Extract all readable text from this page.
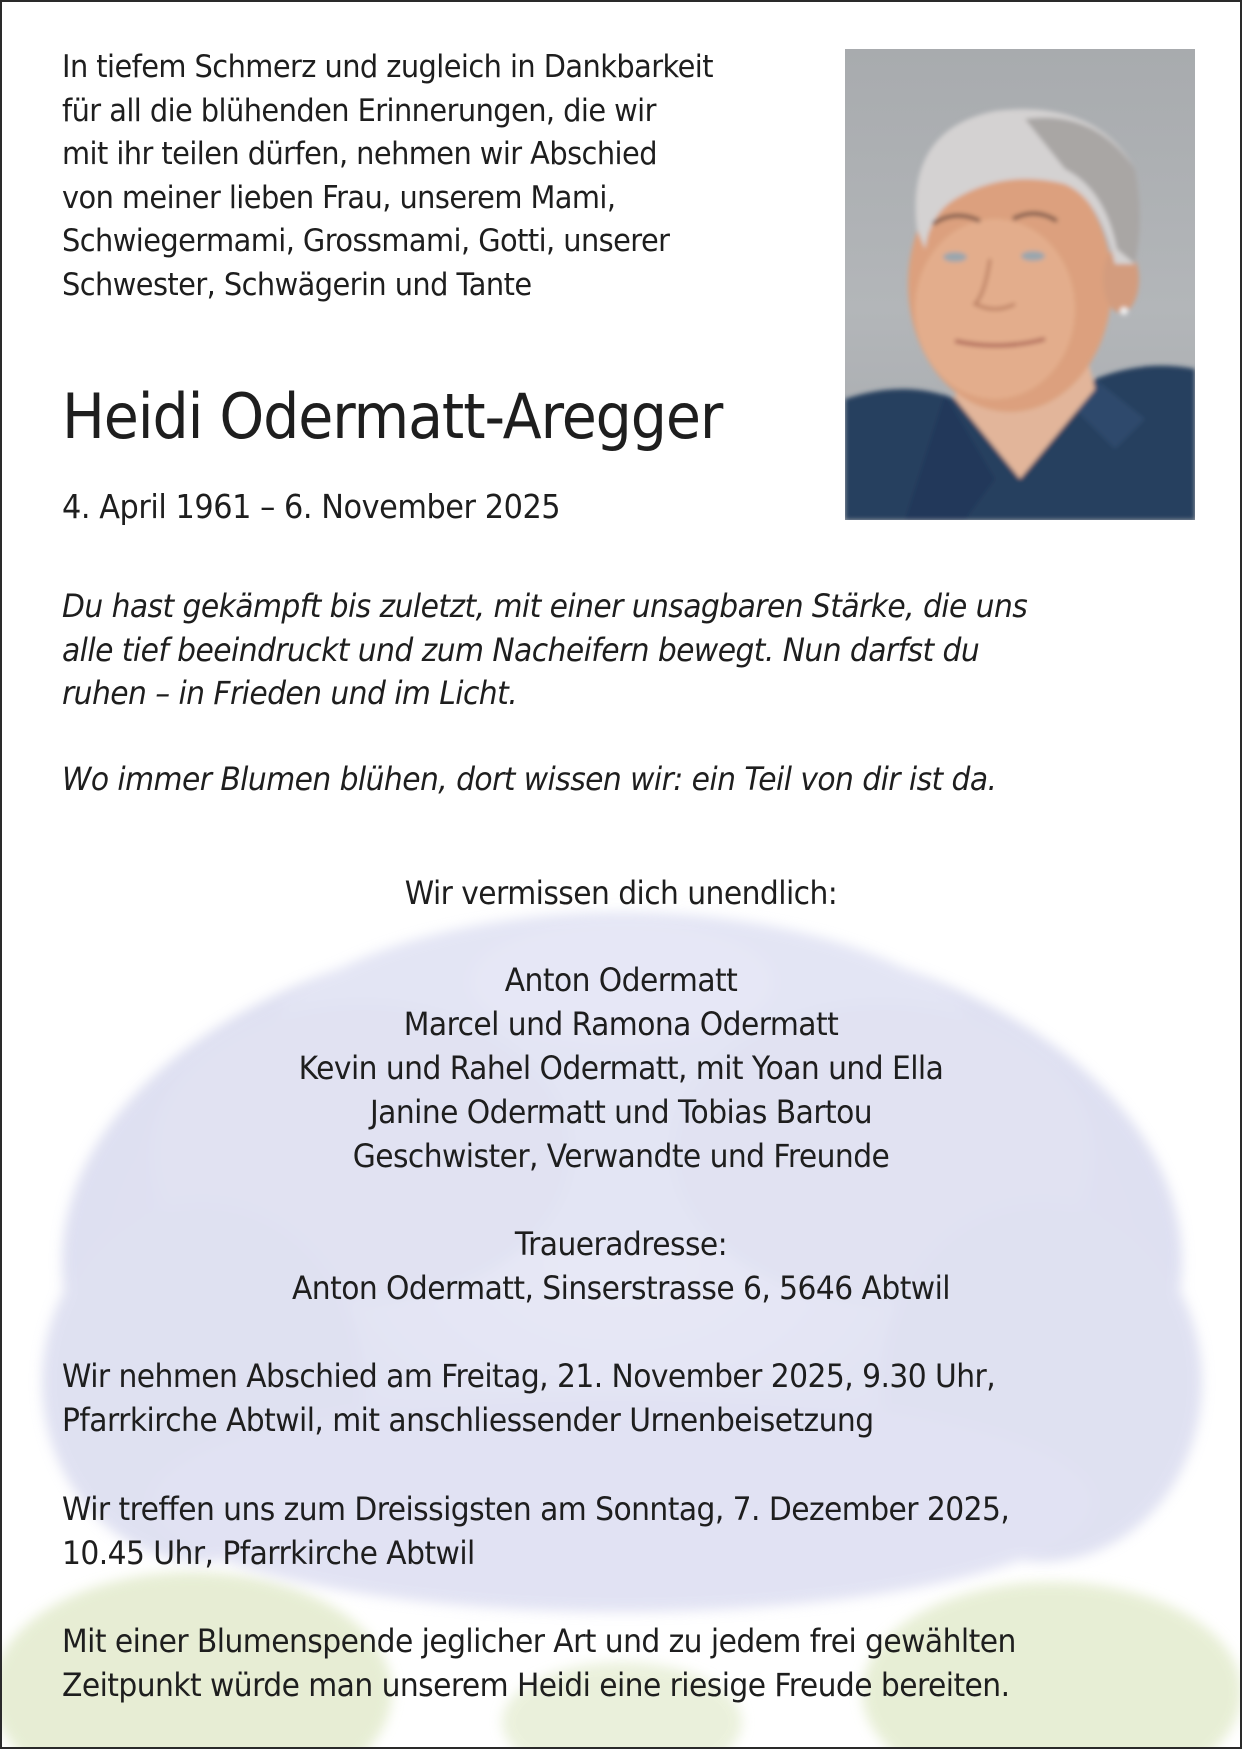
In tiefem Schmerz und zugleich in Dankbarkeit
für all die blühenden Erinnerungen, die wir
mit ihr teilen dürfen, nehmen wir Abschied
von meiner lieben Frau, unserem Mami,
Schwiegermami, Grossmami, Gotti, unserer
Schwester, Schwägerin und Tante
Heidi Odermatt-Aregger
4. April 1961 – 6. November 2025
Du hast gekämpft bis zuletzt, mit einer unsagbaren Stärke, die uns
alle tief beeindruckt und zum Nacheifern bewegt. Nun darfst du
ruhen – in Frieden und im Licht.
Wo immer Blumen blühen, dort wissen wir: ein Teil von dir ist da.
Wir vermissen dich unendlich:
Anton Odermatt
Marcel und Ramona Odermatt
Kevin und Rahel Odermatt, mit Yoan und Ella
Janine Odermatt und Tobias Bartou
Geschwister, Verwandte und Freunde
Traueradresse:
Anton Odermatt, Sinserstrasse 6, 5646 Abtwil
Wir nehmen Abschied am Freitag, 21. November 2025, 9.30 Uhr,
Pfarrkirche Abtwil, mit anschliessender Urnenbeisetzung
Wir treffen uns zum Dreissigsten am Sonntag, 7. Dezember 2025,
10.45 Uhr, Pfarrkirche Abtwil
Mit einer Blumenspende jeglicher Art und zu jedem frei gewählten
Zeitpunkt würde man unserem Heidi eine riesige Freude bereiten.
